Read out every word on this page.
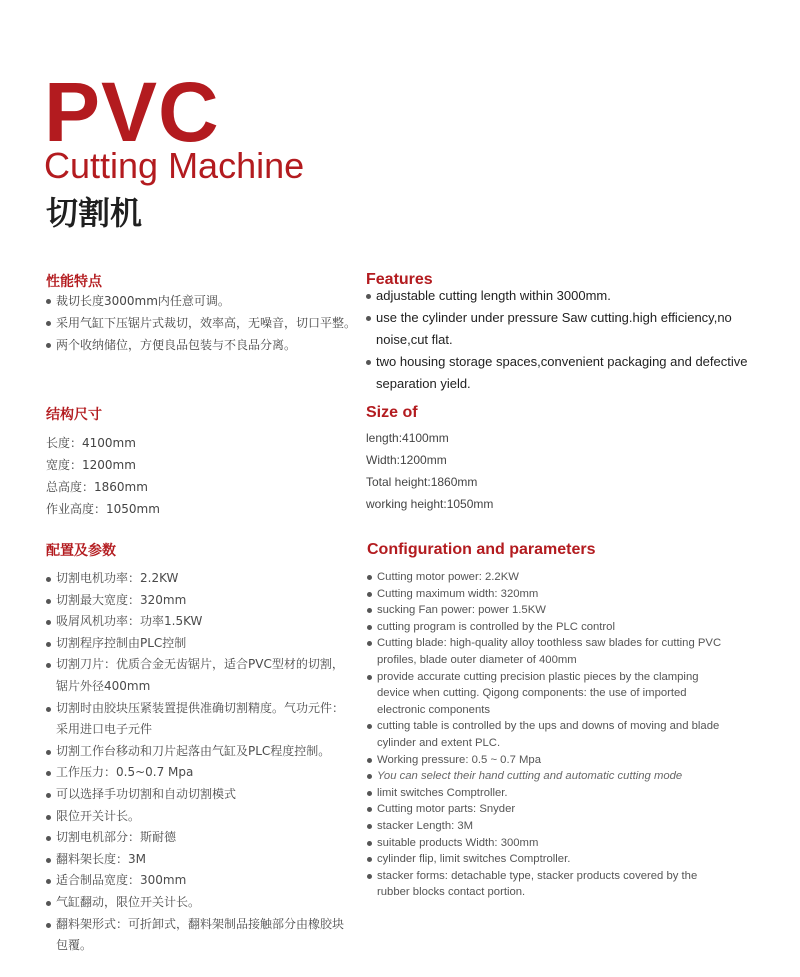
PVC
Cutting Machine
切割机
性能特点
裁切长度3000mm内任意可调。
采用气缸下压锯片式裁切，效率高，无噪音，切口平整。
两个收纳储位，方便良品包装与不良品分离。
Features
adjustable cutting length within 3000mm.
use the cylinder under pressure Saw cutting.high efficiency,no noise,cut flat.
two housing storage spaces,convenient packaging and defective separation yield.
结构尺寸
长度：4100mm
宽度：1200mm
总高度：1860mm
作业高度：1050mm
Size of
length:4100mm
Width:1200mm
Total height:1860mm
working height:1050mm
配置及参数
切割电机功率：2.2KW
切割最大宽度：320mm
吸屑风机功率：功率1.5KW
切割程序控制由PLC控制
切割刀片：优质合金无齿锯片，适合PVC型材的切割，锯片外径400mm
切割时由胶块压紧装置提供准确切割精度。气功元件：采用进口电子元件
切割工作台移动和刀片起落由气缸及PLC程度控制。
工作压力：0.5~0.7 Mpa
可以选择手功切割和自动切割模式
限位开关计长。
切割电机部分：斯耐德
翻料架长度：3M
适合制品宽度：300mm
气缸翻动，限位开关计长。
翻料架形式：可折卸式，翻料架制品接触部分由橡胶块包覆。
Configuration and parameters
Cutting motor power: 2.2KW
Cutting maximum width: 320mm
sucking Fan power: power 1.5KW
cutting program is controlled by the PLC control
Cutting blade: high-quality alloy toothless saw blades for cutting PVC profiles, blade outer diameter of 400mm
provide accurate cutting precision plastic pieces by the clamping device when cutting. Qigong components: the use of imported electronic components
cutting table is controlled by the ups and downs of moving and blade cylinder and extent PLC.
Working pressure: 0.5 ~ 0.7 Mpa
You can select their hand cutting and automatic cutting mode
limit switches Comptroller.
Cutting motor parts: Snyder
stacker Length: 3M
suitable products Width: 300mm
cylinder flip, limit switches Comptroller.
stacker forms: detachable type, stacker products covered by the rubber blocks contact portion.
